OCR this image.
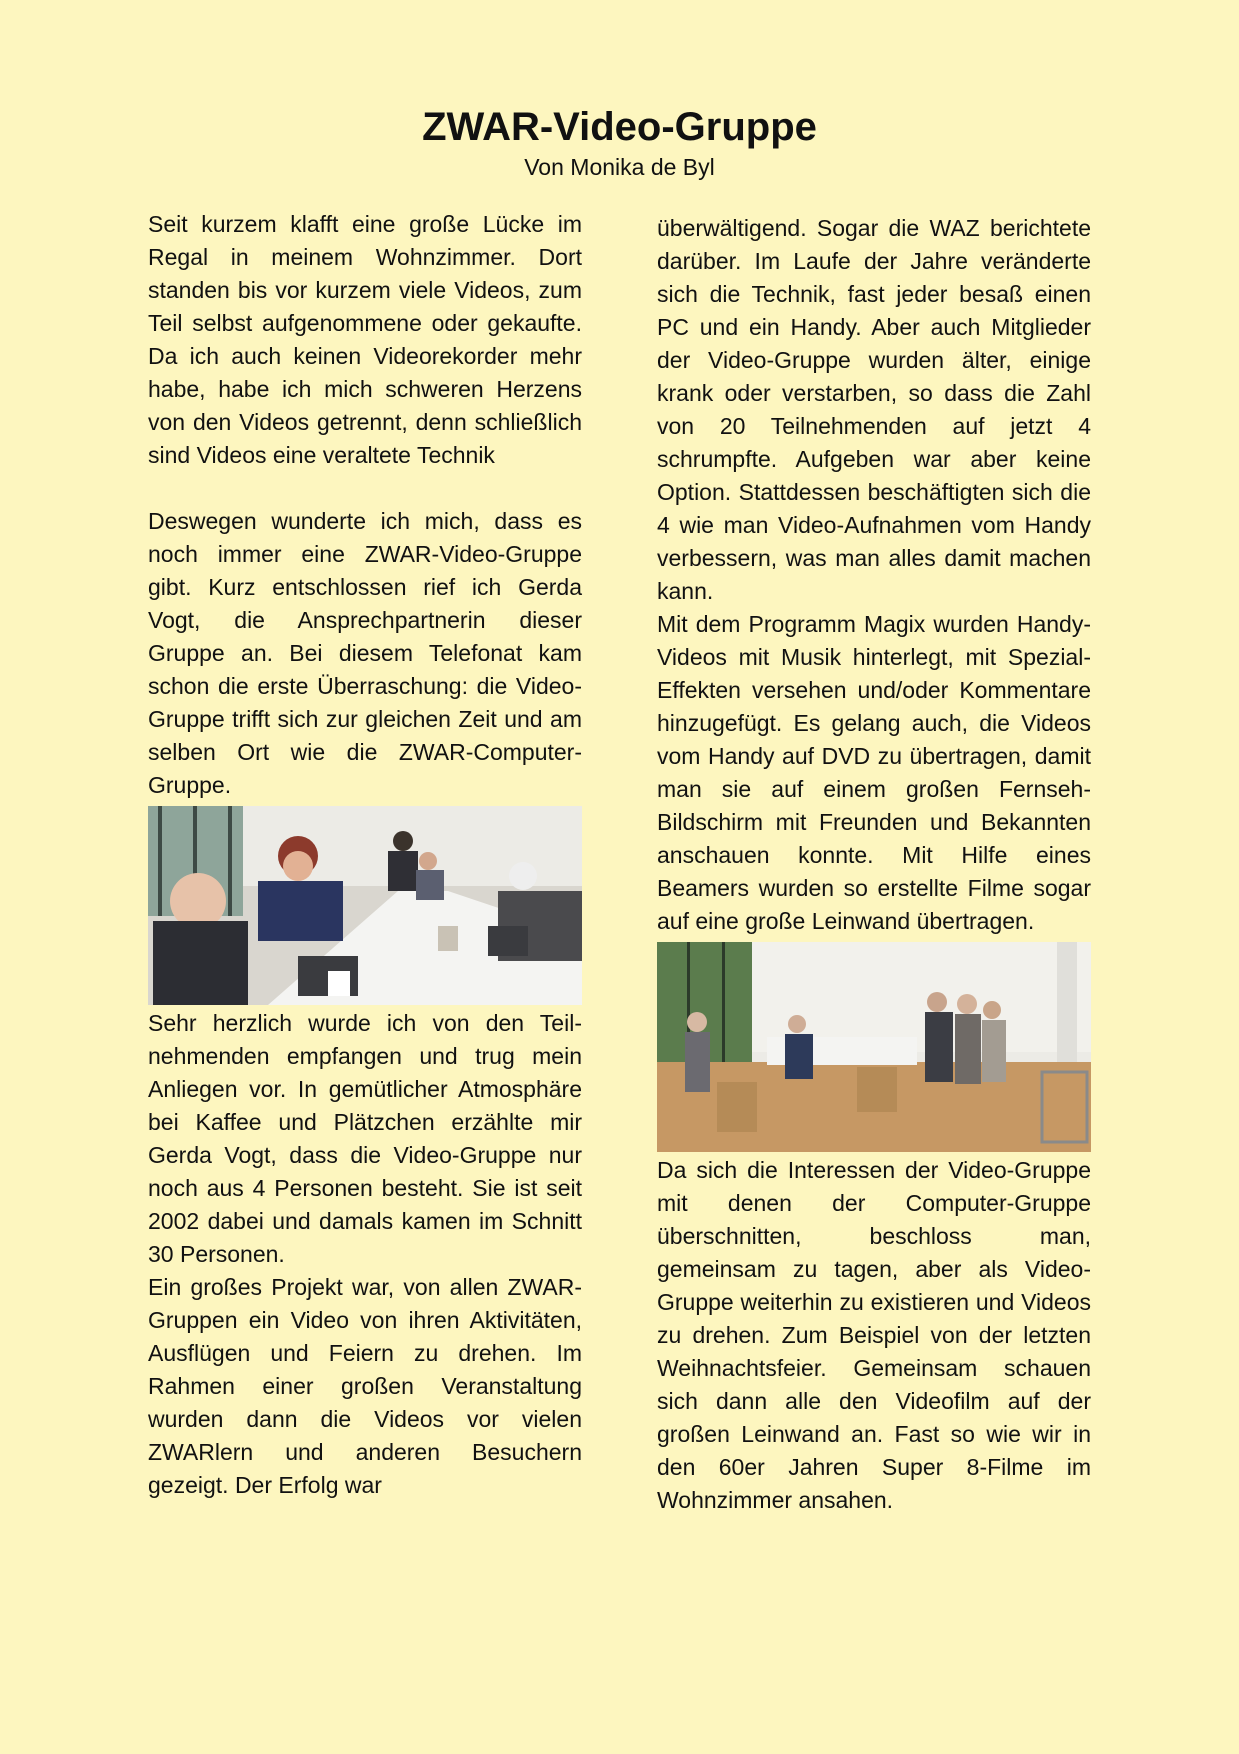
ZWAR-Video-Gruppe
Von Monika de Byl

Seit kurzem klafft eine große Lücke im Regal in meinem Wohnzimmer. Dort standen bis vor kurzem viele Videos, zum Teil selbst aufgenommene oder gekaufte. Da ich auch keinen Videorekorder mehr habe, habe ich mich schweren Herzens von den Videos getrennt, denn schließlich sind Videos eine veraltete Technik

Deswegen wunderte ich mich, dass es noch immer eine ZWAR-Video-Gruppe gibt. Kurz entschlossen rief ich Gerda Vogt, die Ansprechpartnerin dieser Gruppe an. Bei diesem Telefonat kam schon die erste Überraschung: die Video-Gruppe trifft sich zur gleichen Zeit und am selben Ort wie die ZWAR-Computer-Gruppe.

Sehr herzlich wurde ich von den Teilnehmenden empfangen und trug mein Anliegen vor. In gemütlicher Atmosphäre bei Kaffee und Plätzchen erzählte mir Gerda Vogt, dass die Video-Gruppe nur noch aus 4 Personen besteht. Sie ist seit 2002 dabei und damals kamen im Schnitt 30 Personen.

Ein großes Projekt war, von allen ZWAR-Gruppen ein Video von ihren Aktivitäten, Ausflügen und Feiern zu drehen. Im Rahmen einer großen Veranstaltung wurden dann die Videos vor vielen ZWARlern und anderen Besuchern gezeigt. Der Erfolg war

überwältigend. Sogar die WAZ berichtete darüber. Im Laufe der Jahre veränderte sich die Technik, fast jeder besaß einen PC und ein Handy. Aber auch Mitglieder der Video-Gruppe wurden älter, einige krank oder verstarben, so dass die Zahl von 20 Teilnehmenden auf jetzt 4 schrumpfte. Aufgeben war aber keine Option. Stattdessen beschäftigten sich die 4 wie man Video-Aufnahmen vom Handy verbessern, was man alles damit machen kann.

Mit dem Programm Magix wurden Handy-Videos mit Musik hinterlegt, mit Spezial-Effekten versehen und/oder Kommentare hinzugefügt. Es gelang auch, die Videos vom Handy auf DVD zu übertragen, damit man sie auf einem großen Fernseh-Bildschirm mit Freunden und Bekannten anschauen konnte. Mit Hilfe eines Beamers wurden so erstellte Filme sogar auf eine große Leinwand übertragen.

Da sich die Interessen der Video-Gruppe mit denen der Computer-Gruppe überschnitten, beschloss man, gemeinsam zu tagen, aber als Video-Gruppe weiterhin zu existieren und Videos zu drehen. Zum Beispiel von der letzten Weihnachtsfeier. Gemeinsam schauen sich dann alle den Videofilm auf der großen Leinwand an. Fast so wie wir in den 60er Jahren Super 8-Filme im Wohnzimmer ansahen.
